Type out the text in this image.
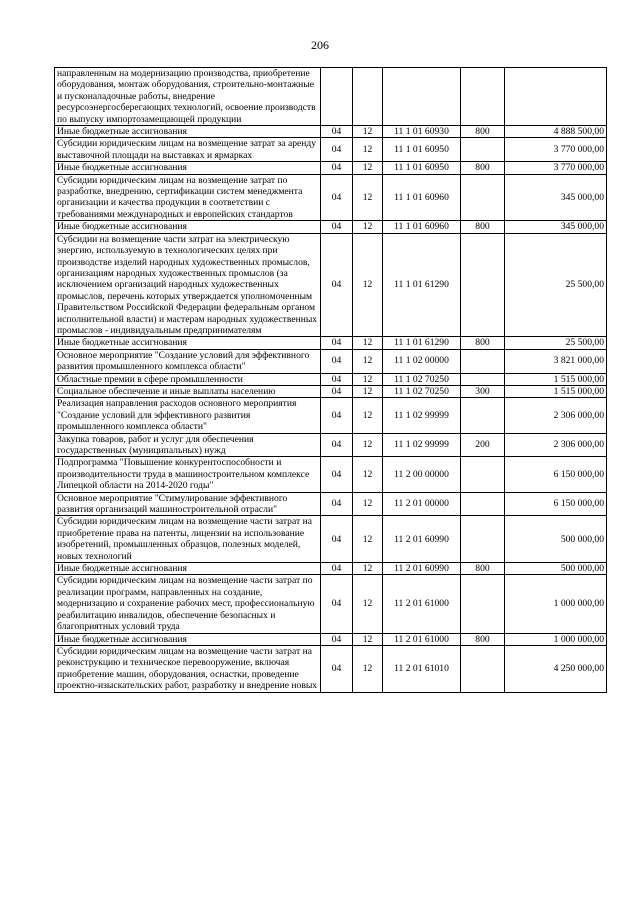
206
направленным на модернизацию производства, приобретение оборудования, монтаж оборудования, строительно-монтажные и пусконаладочные работы, внедрение ресурсоэнергосберегающих технологий, освоение производств по выпуску импортозамещающей продукции					
Иные бюджетные ассигнования	04	12	11 1 01 60930	800	4 888 500,00
Субсидии юридическим лицам на возмещение затрат за аренду выставочной площади на выставках и ярмарках	04	12	11 1 01 60950		3 770 000,00
Иные бюджетные ассигнования	04	12	11 1 01 60950	800	3 770 000,00
Субсидии юридическим лицам на возмещение затрат по разработке, внедрению, сертификации систем менеджмента организации и качества продукции в соответствии с требованиями международных и европейских стандартов	04	12	11 1 01 60960		345 000,00
Иные бюджетные ассигнования	04	12	11 1 01 60960	800	345 000,00
Субсидии на возмещение части затрат на электрическую энергию, используемую в технологических целях при производстве изделий народных художественных промыслов, организациям народных художественных промыслов (за исключением организаций народных художественных промыслов, перечень которых утверждается уполномоченным Правительством Российской Федерации федеральным органом исполнительной власти) и мастерам народных художественных промыслов - индивидуальным предпринимателям	04	12	11 1 01 61290		25 500,00
Иные бюджетные ассигнования	04	12	11 1 01 61290	800	25 500,00
Основное мероприятие "Создание условий для эффективного развития промышленного комплекса области"	04	12	11 1 02 00000		3 821 000,00
Областные премии в сфере промышленности	04	12	11 1 02 70250		1 515 000,00
Социальное обеспечение и иные выплаты населению	04	12	11 1 02 70250	300	1 515 000,00
Реализация направления расходов основного мероприятия "Создание условий для эффективного развития промышленного комплекса области"	04	12	11 1 02 99999		2 306 000,00
Закупка товаров, работ и услуг для обеспечения государственных (муниципальных) нужд	04	12	11 1 02 99999	200	2 306 000,00
Подпрограмма "Повышение конкурентоспособности и производительности труда в машиностроительном комплексе Липецкой области на 2014-2020 годы"	04	12	11 2 00 00000		6 150 000,00
Основное мероприятие "Стимулирование эффективного развития организаций машиностроительной отрасли"	04	12	11 2 01 00000		6 150 000,00
Субсидии юридическим лицам на возмещение части затрат на приобретение права на патенты, лицензии на использование изобретений, промышленных образцов, полезных моделей, новых технологий	04	12	11 2 01 60990		500 000,00
Иные бюджетные ассигнования	04	12	11 2 01 60990	800	500 000,00
Субсидии юридическим лицам на возмещение части затрат по реализации программ, направленных на создание, модернизацию и сохранение рабочих мест, профессиональную реабилитацию инвалидов, обеспечение безопасных и благоприятных условий труда	04	12	11 2 01 61000		1 000 000,00
Иные бюджетные ассигнования	04	12	11 2 01 61000	800	1 000 000,00
Субсидии юридическим лицам на возмещение части затрат на реконструкцию и техническое перевооружение, включая приобретение машин, оборудования, оснастки, проведение проектно-изыскательских работ, разработку и внедрение новых	04	12	11 2 01 61010		4 250 000,00
